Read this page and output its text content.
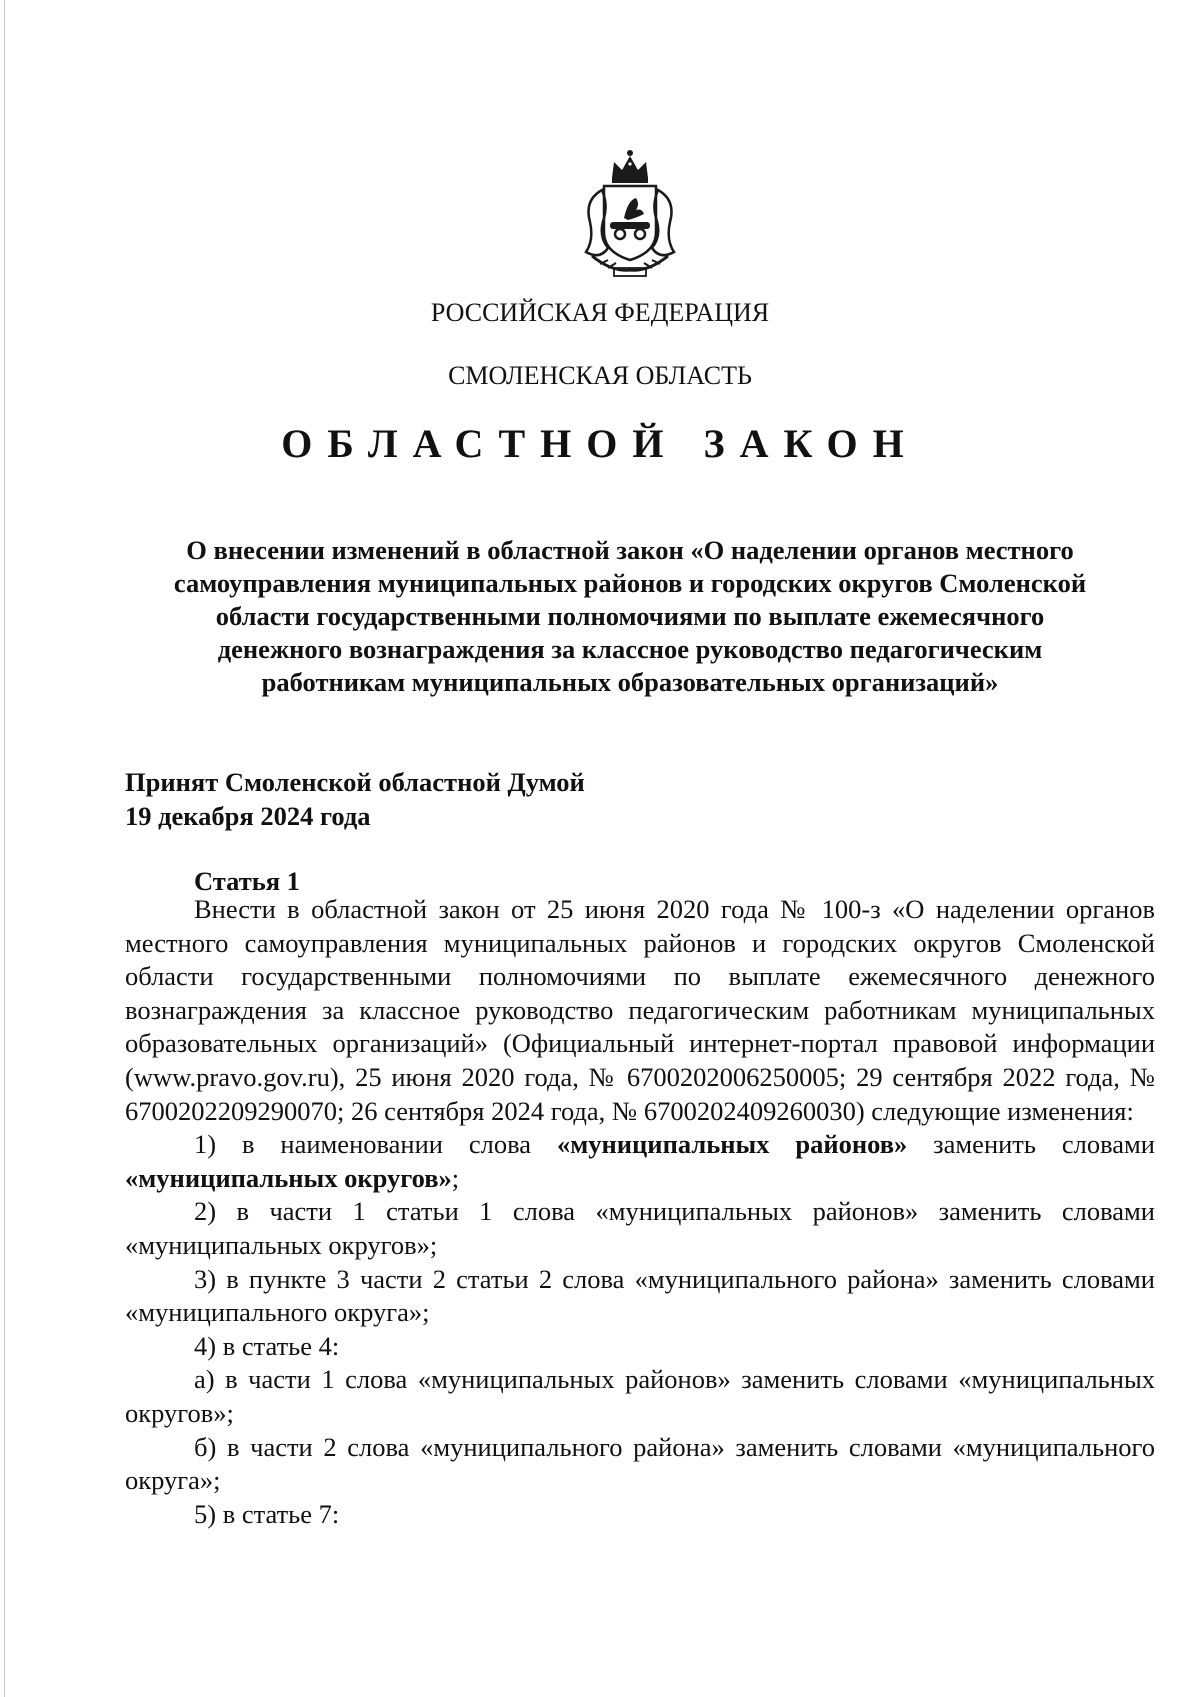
РОССИЙСКАЯ ФЕДЕРАЦИЯ
СМОЛЕНСКАЯ ОБЛАСТЬ
ОБЛАСТНОЙ ЗАКОН
О внесении изменений в областной закон «О наделении органов местного
самоуправления муниципальных районов и городских округов Смоленской
области государственными полномочиями по выплате ежемесячного
денежного вознаграждения за классное руководство педагогическим
работникам муниципальных образовательных организаций»
Принят Смоленской областной Думой
19 декабря 2024 года
Статья 1

Внести в областной закон от 25 июня 2020 года № 100-з «О наделении органов местного самоуправления муниципальных районов и городских округов Смоленской области государственными полномочиями по выплате ежемесячного денежного вознаграждения за классное руководство педагогическим работникам муниципальных образовательных организаций» (Официальный интернет-портал правовой информации (www.pravo.gov.ru), 25 июня 2020 года, № 6700202006250005; 29 сентября 2022 года, № 6700202209290070; 26 сентября 2024 года, № 6700202409260030) следующие изменения:

1) в наименовании слова «муниципальных районов» заменить словами «муниципальных округов»;

2) в части 1 статьи 1 слова «муниципальных районов» заменить словами «муниципальных округов»;

3) в пункте 3 части 2 статьи 2 слова «муниципального района» заменить словами «муниципального округа»;

4) в статье 4:

а) в части 1 слова «муниципальных районов» заменить словами «муниципальных округов»;

б) в части 2 слова «муниципального района» заменить словами «муниципального округа»;

5) в статье 7:
